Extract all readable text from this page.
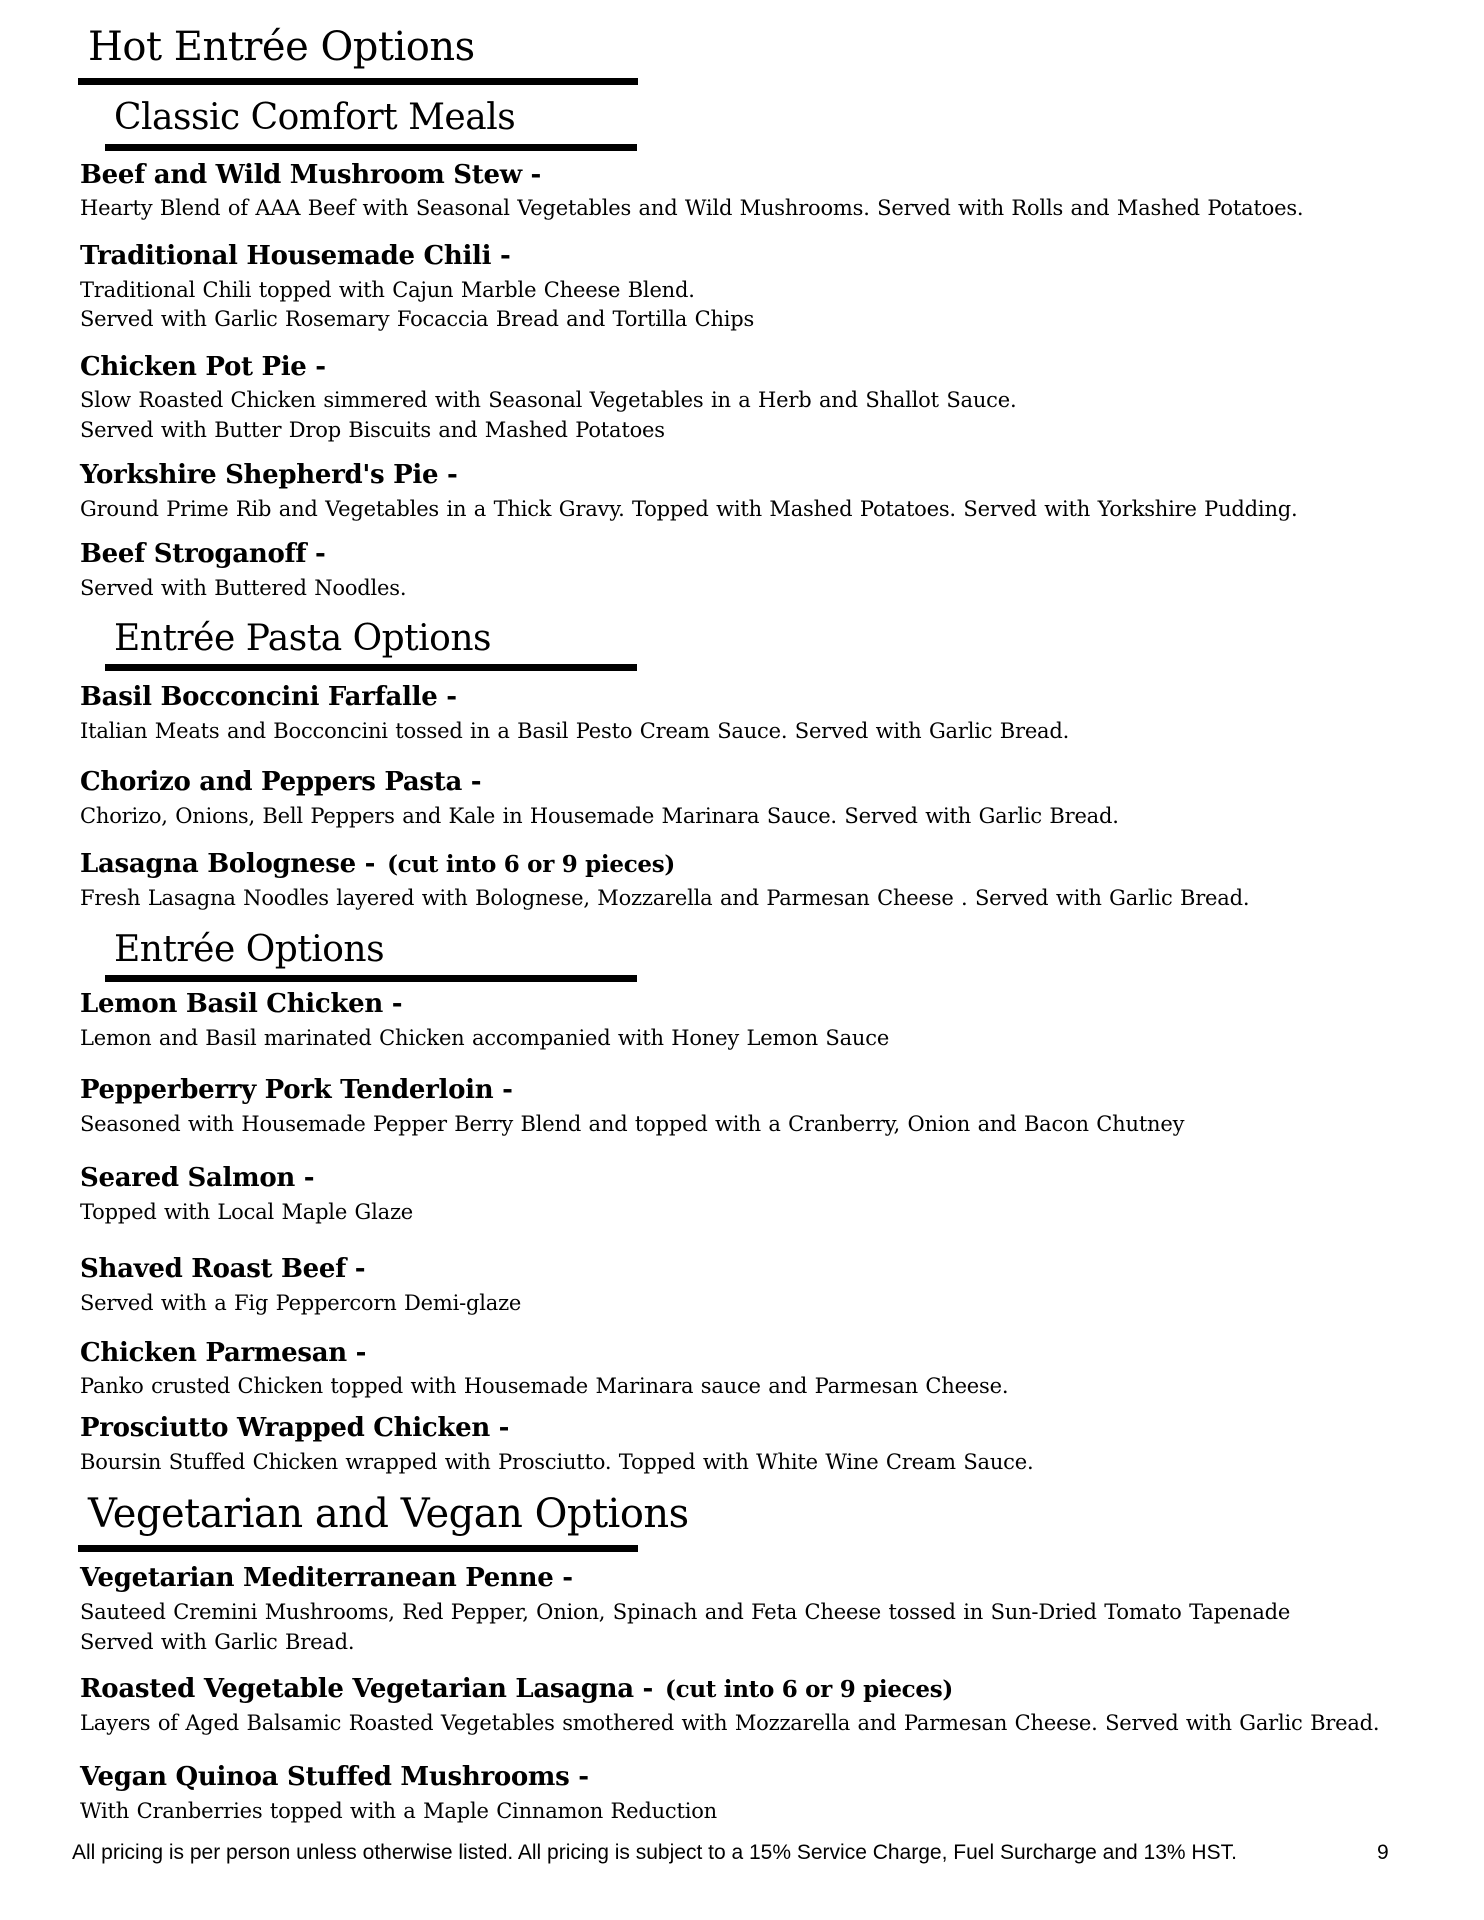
Hot Entrée Options
Classic Comfort Meals
Beef and Wild Mushroom Stew -

Hearty Blend of AAA Beef with Seasonal Vegetables and Wild Mushrooms. Served with Rolls and Mashed Potatoes.

Traditional Housemade Chili -

Traditional Chili topped with Cajun Marble Cheese Blend.

Served with Garlic Rosemary Focaccia Bread and Tortilla Chips

Chicken Pot Pie -

Slow Roasted Chicken simmered with Seasonal Vegetables in a Herb and Shallot Sauce.

Served with Butter Drop Biscuits and Mashed Potatoes

Yorkshire Shepherd's Pie -

Ground Prime Rib and Vegetables in a Thick Gravy. Topped with Mashed Potatoes. Served with Yorkshire Pudding.

Beef Stroganoff -

Served with Buttered Noodles.

Entrée Pasta Options
Basil Bocconcini Farfalle -

Italian Meats and Bocconcini tossed in a Basil Pesto Cream Sauce. Served with Garlic Bread.

Chorizo and Peppers Pasta -

Chorizo, Onions, Bell Peppers and Kale in Housemade Marinara Sauce. Served with Garlic Bread.

Lasagna Bolognese - (cut into 6 or 9 pieces)

Fresh Lasagna Noodles layered with Bolognese, Mozzarella and Parmesan Cheese . Served with Garlic Bread.

Entrée Options
Lemon Basil Chicken -

Lemon and Basil marinated Chicken accompanied with Honey Lemon Sauce

Pepperberry Pork Tenderloin -

Seasoned with Housemade Pepper Berry Blend and topped with a Cranberry, Onion and Bacon Chutney

Seared Salmon -

Topped with Local Maple Glaze

Shaved Roast Beef -

Served with a Fig Peppercorn Demi-glaze

Chicken Parmesan -

Panko crusted Chicken topped with Housemade Marinara sauce and Parmesan Cheese.

Prosciutto Wrapped Chicken -

Boursin Stuffed Chicken wrapped with Prosciutto. Topped with White Wine Cream Sauce.

Vegetarian and Vegan Options
Vegetarian Mediterranean Penne -

Sauteed Cremini Mushrooms, Red Pepper, Onion, Spinach and Feta Cheese tossed in Sun-Dried Tomato Tapenade

Served with Garlic Bread.

Roasted Vegetable Vegetarian Lasagna - (cut into 6 or 9 pieces)

Layers of Aged Balsamic Roasted Vegetables smothered with Mozzarella and Parmesan Cheese. Served with Garlic Bread.

Vegan Quinoa Stuffed Mushrooms -

With Cranberries topped with a Maple Cinnamon Reduction

All pricing is per person unless otherwise listed. All pricing is subject to a 15% Service Charge, Fuel Surcharge and 13% HST.	9
